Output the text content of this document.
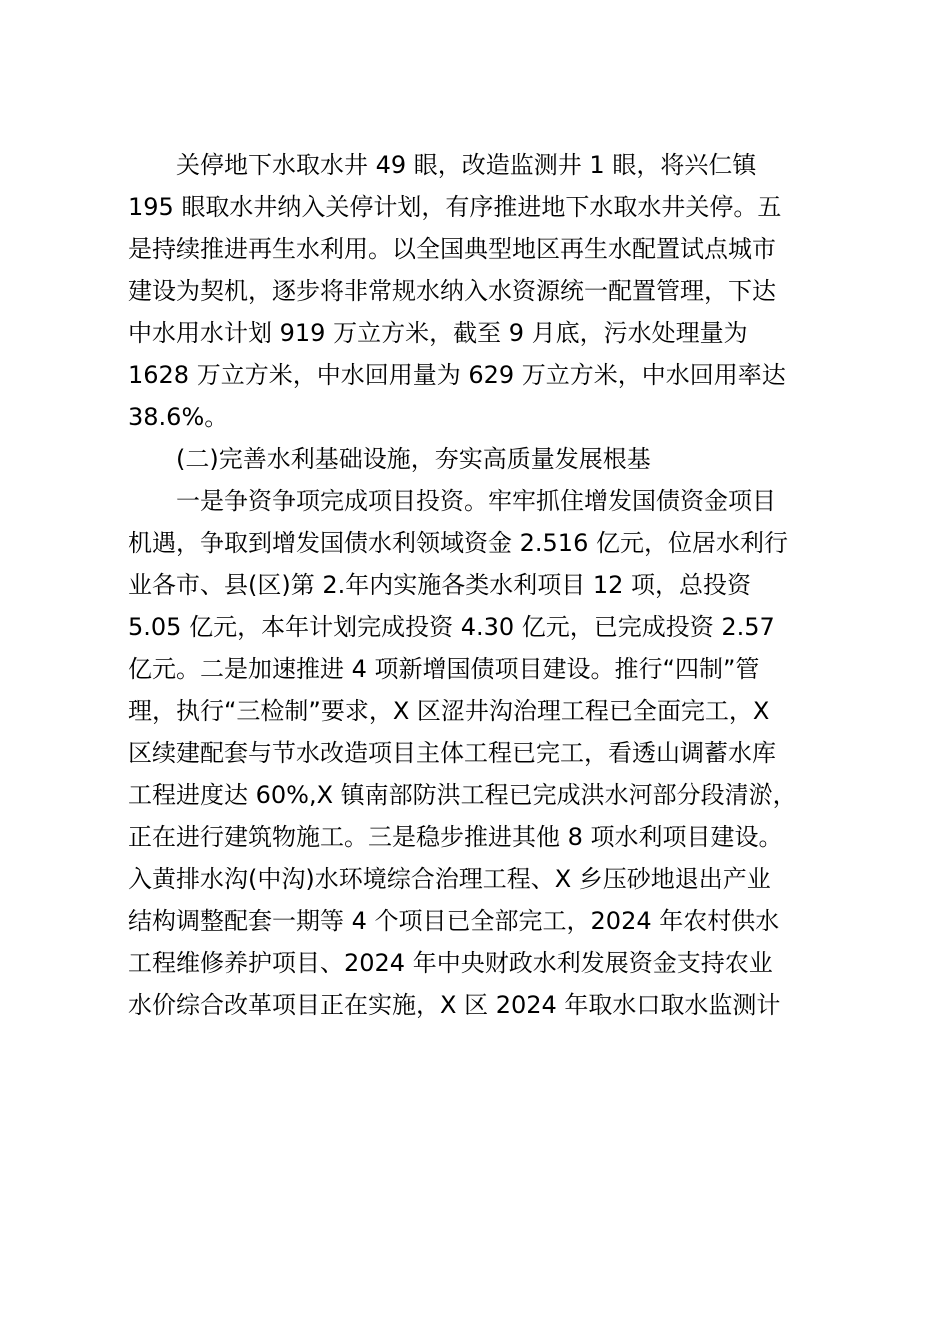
关停地下水取水井 49 眼，改造监测井 1 眼，将兴仁镇
195 眼取水井纳入关停计划，有序推进地下水取水井关停。五
是持续推进再生水利用。以全国典型地区再生水配置试点城市
建设为契机，逐步将非常规水纳入水资源统一配置管理，下达
中水用水计划 919 万立方米，截至 9 月底，污水处理量为
1628 万立方米，中水回用量为 629 万立方米，中水回用率达
38.6%。
(二)完善水利基础设施，夯实高质量发展根基
一是争资争项完成项目投资。牢牢抓住增发国债资金项目
机遇，争取到增发国债水利领域资金 2.516 亿元，位居水利行
业各市、县(区)第 2.年内实施各类水利项目 12 项，总投资
5.05 亿元，本年计划完成投资 4.30 亿元，已完成投资 2.57
亿元。二是加速推进 4 项新增国债项目建设。推行“四制”管
理，执行“三检制”要求，X 区涩井沟治理工程已全面完工，X
区续建配套与节水改造项目主体工程已完工，看透山调蓄水库
工程进度达 60%,X 镇南部防洪工程已完成洪水河部分段清淤，
正在进行建筑物施工。三是稳步推进其他 8 项水利项目建设。
入黄排水沟(中沟)水环境综合治理工程、X 乡压砂地退出产业
结构调整配套一期等 4 个项目已全部完工，2024 年农村供水
工程维修养护项目、2024 年中央财政水利发展资金支持农业
水价综合改革项目正在实施，X 区 2024 年取水口取水监测计
